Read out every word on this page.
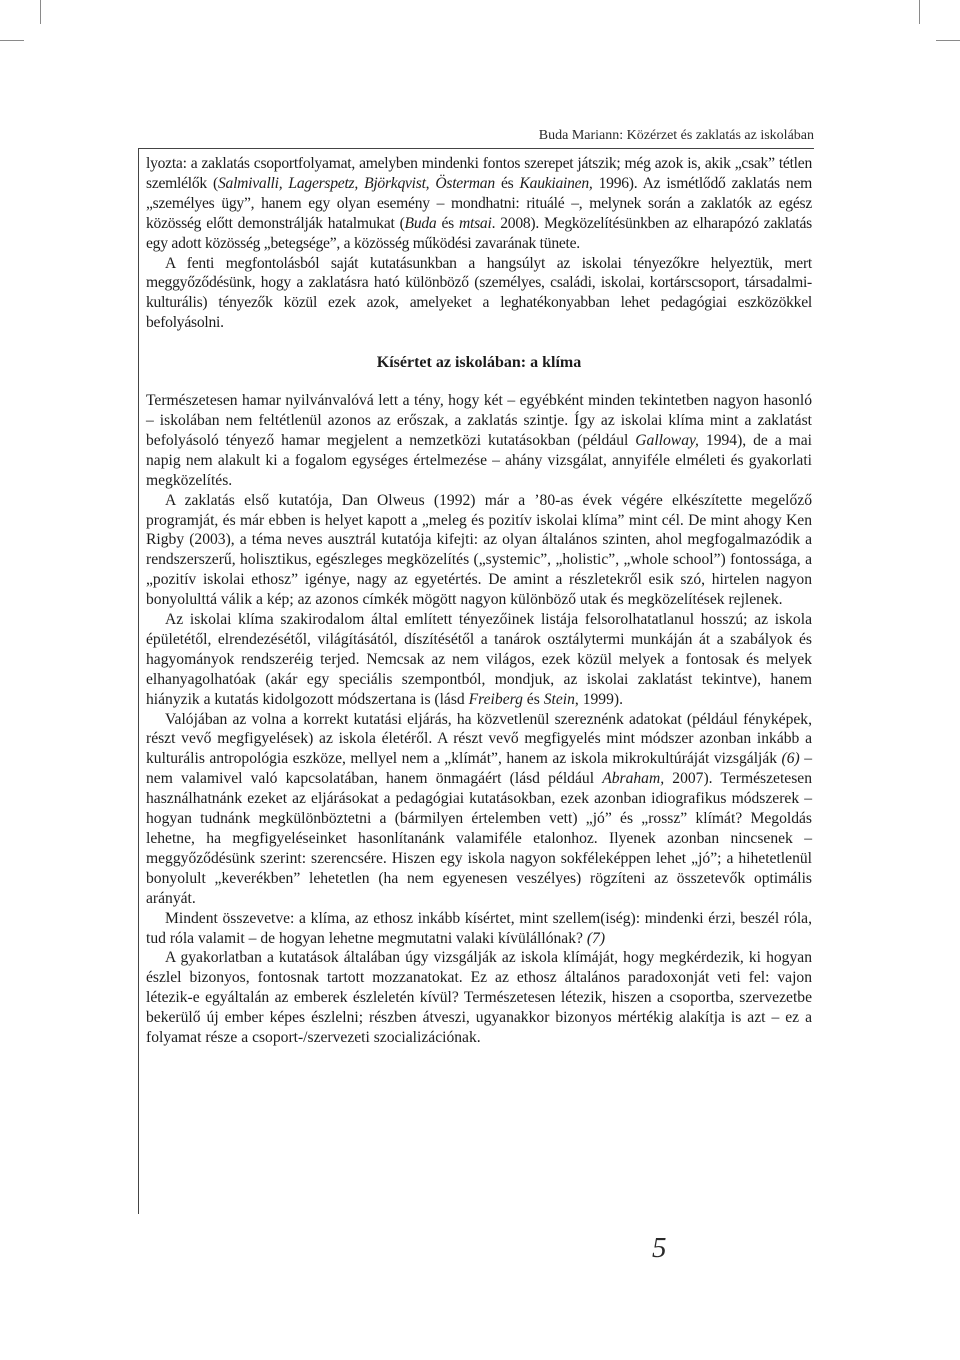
Buda Mariann: Közérzet és zaklatás az iskolában

lyozta: a zaklatás csoportfolyamat, amelyben mindenki fontos szerepet játszik; még azok is, akik „csak” tétlen szemlélők (Salmivalli, Lagerspetz, Björkqvist, Österman és Kaukiainen, 1996). Az ismétlődő zaklatás nem „személyes ügy”, hanem egy olyan esemény – mondhatni: rituálé –, melynek során a zaklatók az egész közösség előtt demonstrálják hatalmukat (Buda és mtsai. 2008). Megközelítésünkben az elharapózó zaklatás egy adott közösség „betegsége”, a közösség működési zavarának tünete.

A fenti megfontolásból saját kutatásunkban a hangsúlyt az iskolai tényezőkre helyeztük, mert meggyőződésünk, hogy a zaklatásra ható különböző (személyes, családi, iskolai, kortárscsoport, társadalmi-kulturális) tényezők közül ezek azok, amelyeket a leghatékonyabban lehet pedagógiai eszközökkel befolyásolni.

Kísértet az iskolában: a klíma

Természetesen hamar nyilvánvalóvá lett a tény, hogy két – egyébként minden tekintetben nagyon hasonló – iskolában nem feltétlenül azonos az erőszak, a zaklatás szintje. Így az iskolai klíma mint a zaklatást befolyásoló tényező hamar megjelent a nemzetközi kutatásokban (például Galloway, 1994), de a mai napig nem alakult ki a fogalom egységes értelmezése – ahány vizsgálat, annyiféle elméleti és gyakorlati megközelítés.

A zaklatás első kutatója, Dan Olweus (1992) már a ’80-as évek végére elkészítette megelőző programját, és már ebben is helyet kapott a „meleg és pozitív iskolai klíma” mint cél. De mint ahogy Ken Rigby (2003), a téma neves ausztrál kutatója kifejti: az olyan általános szinten, ahol megfogalmazódik a rendszerszerű, holisztikus, egészleges megközelítés („systemic”, „holistic”, „whole school”) fontossága, a „pozitív iskolai ethosz” igénye, nagy az egyetértés. De amint a részletekről esik szó, hirtelen nagyon bonyolulttá válik a kép; az azonos címkék mögött nagyon különböző utak és megközelítések rejlenek.

Az iskolai klíma szakirodalom által említett tényezőinek listája felsorolhatatlanul hosszú; az iskola épületétől, elrendezésétől, világításától, díszítésétől a tanárok osztálytermi munkáján át a szabályok és hagyományok rendszeréig terjed. Nemcsak az nem világos, ezek közül melyek a fontosak és melyek elhanyagolhatóak (akár egy speciális szempontból, mondjuk, az iskolai zaklatást tekintve), hanem hiányzik a kutatás kidolgozott módszertana is (lásd Freiberg és Stein, 1999).

Valójában az volna a korrekt kutatási eljárás, ha közvetlenül szereznénk adatokat (például fényképek, részt vevő megfigyelések) az iskola életéről. A részt vevő megfigyelés mint módszer azonban inkább a kulturális antropológia eszköze, mellyel nem a „klímát”, hanem az iskola mikrokultúráját vizsgálják (6) – nem valamivel való kapcsolatában, hanem önmagáért (lásd például Abraham, 2007). Természetesen használhatnánk ezeket az eljárásokat a pedagógiai kutatásokban, ezek azonban idiografikus módszerek – hogyan tudnánk megkülönböztetni a (bármilyen értelemben vett) „jó” és „rossz” klímát? Megoldás lehetne, ha megfigyeléseinket hasonlítanánk valamiféle etalonhoz. Ilyenek azonban nincsenek – meggyőződésünk szerint: szerencsére. Hiszen egy iskola nagyon sokféleképpen lehet „jó”; a hihetetlenül bonyolult „keverékben” lehetetlen (ha nem egyenesen veszélyes) rögzíteni az összetevők optimális arányát.

Mindent összevetve: a klíma, az ethosz inkább kísértet, mint szellem(iség): mindenki érzi, beszél róla, tud róla valamit – de hogyan lehetne megmutatni valaki kívülállónak? (7)

A gyakorlatban a kutatások általában úgy vizsgálják az iskola klímáját, hogy megkérdezik, ki hogyan észlel bizonyos, fontosnak tartott mozzanatokat. Ez az ethosz általános paradoxonját veti fel: vajon létezik-e egyáltalán az emberek észleletén kívül? Természetesen létezik, hiszen a csoportba, szervezetbe bekerülő új ember képes észlelni; részben átveszi, ugyanakkor bizonyos mértékig alakítja is azt – ez a folyamat része a csoport-/szervezeti szocializációnak.

5
